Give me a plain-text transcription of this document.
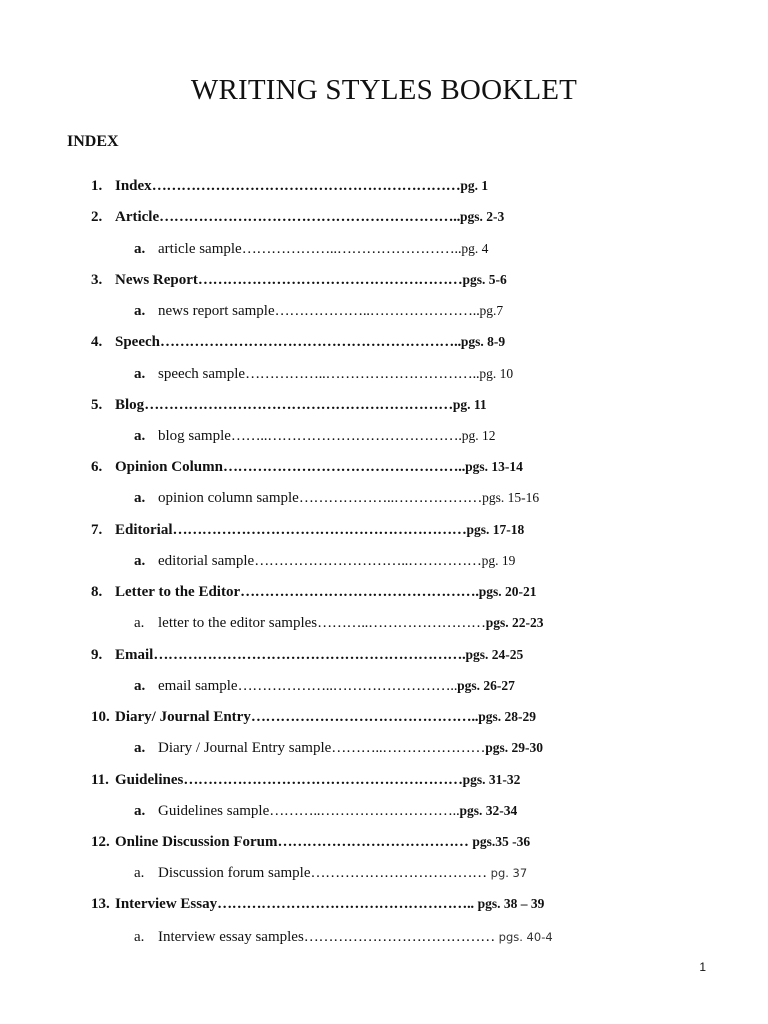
WRITING STYLES BOOKLET
INDEX
1. Index………………………………………………………pg. 1
2. Article……………………………………………………..pgs. 2-3
a. article sample………………..……………………..pg. 4
3. News Report………………………………………………pgs. 5-6
a. news report sample………………..…………………..pg.7
4. Speech……………………………………………………..pgs. 8-9
a. speech sample……………..…………………………..pg. 10
5. Blog………………………………………………………pg. 11
a. blog sample……..………………………………….pg. 12
6. Opinion Column…………………………………………..pgs. 13-14
a. opinion column sample………………..………………pgs. 15-16
7. Editorial……………………………………………………pgs. 17-18
a. editorial sample…………………………..……………pg. 19
8. Letter to the Editor………………………………………….pgs. 20-21
a. letter to the editor samples………..……………………pgs. 22-23
9. Email……………………………………………………….pgs. 24-25
a. email sample………………..……………………..pgs. 26-27
10. Diary/ Journal Entry………………………………………..pgs. 28-29
a. Diary / Journal Entry sample………..…………………pgs. 29-30
11. Guidelines…………………………………………………pgs. 31-32
a. Guidelines sample………..………………………..pgs. 32-34
12. Online Discussion Forum………………………………… pgs.35 -36
a. Discussion forum sample……………………………… pg. 37
13. Interview Essay…………………………………………….. pgs. 38 – 39
a. Interview essay samples………………………………… pgs. 40-4
1
